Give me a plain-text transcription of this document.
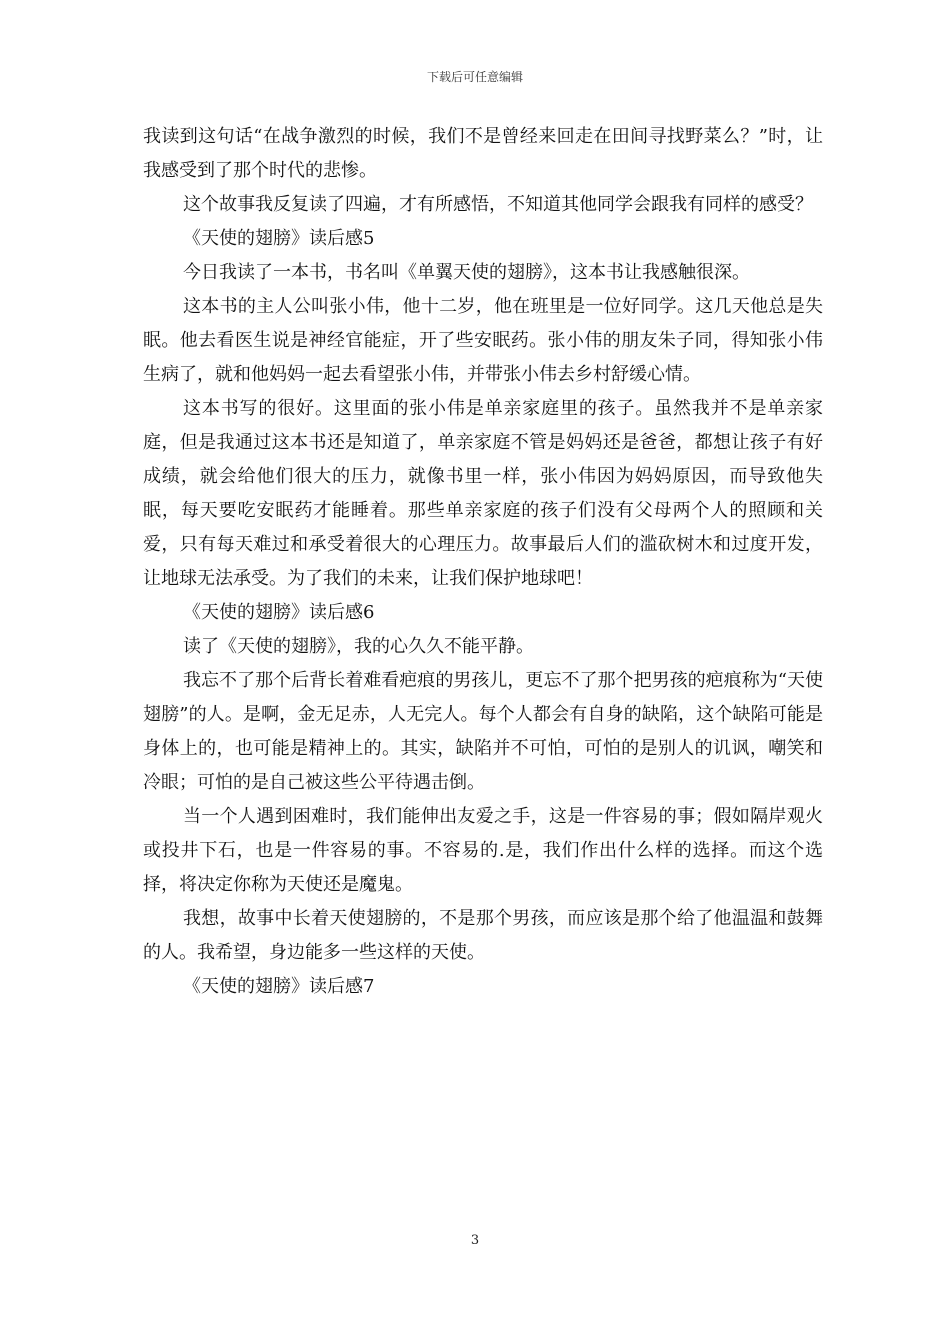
下载后可任意编辑

我读到这句话“在战争激烈的时候，我们不是曾经来回走在田间寻找野菜么？”时，让我感受到了那个时代的悲惨。

这个故事我反复读了四遍，才有所感悟，不知道其他同学会跟我有同样的感受？

《天使的翅膀》读后感5

今日我读了一本书，书名叫《单翼天使的翅膀》，这本书让我感触很深。

这本书的主人公叫张小伟，他十二岁，他在班里是一位好同学。这几天他总是失眠。他去看医生说是神经官能症，开了些安眠药。张小伟的朋友朱子同，得知张小伟生病了，就和他妈妈一起去看望张小伟，并带张小伟去乡村舒缓心情。

这本书写的很好。这里面的张小伟是单亲家庭里的孩子。虽然我并不是单亲家庭，但是我通过这本书还是知道了，单亲家庭不管是妈妈还是爸爸，都想让孩子有好成绩，就会给他们很大的压力，就像书里一样，张小伟因为妈妈原因，而导致他失眠，每天要吃安眠药才能睡着。那些单亲家庭的孩子们没有父母两个人的照顾和关爱，只有每天难过和承受着很大的心理压力。故事最后人们的滥砍树木和过度开发，让地球无法承受。为了我们的未来，让我们保护地球吧！

《天使的翅膀》读后感6

读了《天使的翅膀》，我的心久久不能平静。

我忘不了那个后背长着难看疤痕的男孩儿，更忘不了那个把男孩的疤痕称为“天使翅膀”的人。是啊，金无足赤，人无完人。每个人都会有自身的缺陷，这个缺陷可能是身体上的，也可能是精神上的。其实，缺陷并不可怕，可怕的是别人的讥讽，嘲笑和冷眼；可怕的是自己被这些公平待遇击倒。

当一个人遇到困难时，我们能伸出友爱之手，这是一件容易的事；假如隔岸观火或投井下石，也是一件容易的事。不容易的.是，我们作出什么样的选择。而这个选择，将决定你称为天使还是魔鬼。

我想，故事中长着天使翅膀的，不是那个男孩，而应该是那个给了他温温和鼓舞的人。我希望，身边能多一些这样的天使。

《天使的翅膀》读后感7

3
